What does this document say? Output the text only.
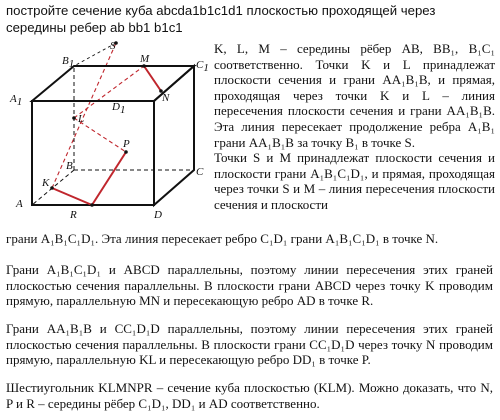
постройте сечение куба abcda1b1c1d1 плоскостью проходящей через середины ребер ab bb1 b1c1
S
B1	M	C1
N
A1	D1
L
P
B	C
K
A
R	D

K, L, M – середины рёбер AB, BB₁, B₁C₁ соответственно. Точки K и L принадлежат плоскости сечения и грани AA₁B₁B, и прямая, проходящая через точки K и L – линия пересечения плоскости сечения и грани AA₁B₁B. Эта линия пересекает продолжение ребра A₁B₁ грани AA₁B₁B за точку B₁ в точке S.

Точки S и M принадлежат плоскости сечения и плоскости грани A₁B₁C₁D₁, и прямая, проходящая через точки S и M – линия пересечения плоскости сечения и плоскости

грани A₁B₁C₁D₁. Эта линия пересекает ребро C₁D₁ грани A₁B₁C₁D₁ в точке N.

Грани A₁B₁C₁D₁ и ABCD параллельны, поэтому линии пересечения этих граней плоскостью сечения параллельны. В плоскости грани ABCD через точку K проводим прямую, параллельную MN и пересекающую ребро AD в точке R.

Грани AA₁B₁B и CC₁D₁D параллельны, поэтому линии пересечения этих граней плоскостью сечения параллельны. В плоскости грани CC₁D₁D через точку N проводим прямую, параллельную KL и пересекающую ребро DD₁ в точке P.

Шестиугольник KLMNPR – сечение куба плоскостью (KLM). Можно доказать, что N, P и R – середины рёбер C₁D₁, DD₁ и AD соответственно.
